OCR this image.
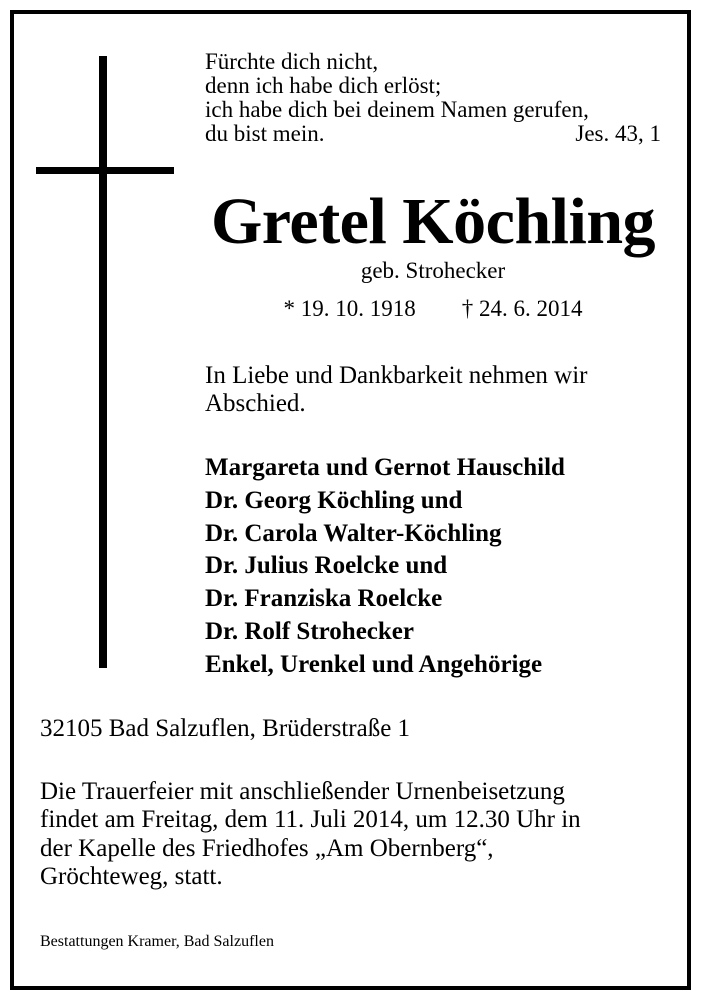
Fürchte dich nicht,
denn ich habe dich erlöst;
ich habe dich bei deinem Namen gerufen,
du bist mein.	Jes. 43, 1
Gretel Köchling
geb. Strohecker
* 19. 10. 1918 † 24. 6. 2014
In Liebe und Dankbarkeit nehmen wir Abschied.
Margareta und Gernot Hauschild
Dr. Georg Köchling und
Dr. Carola Walter-Köchling
Dr. Julius Roelcke und
Dr. Franziska Roelcke
Dr. Rolf Strohecker
Enkel, Urenkel und Angehörige
32105 Bad Salzuflen, Brüderstraße 1
Die Trauerfeier mit anschließender Urnenbeisetzung
findet am Freitag, dem 11. Juli 2014, um 12.30 Uhr in
der Kapelle des Friedhofes „Am Obernberg“,
Gröchteweg, statt.
Bestattungen Kramer, Bad Salzuflen
